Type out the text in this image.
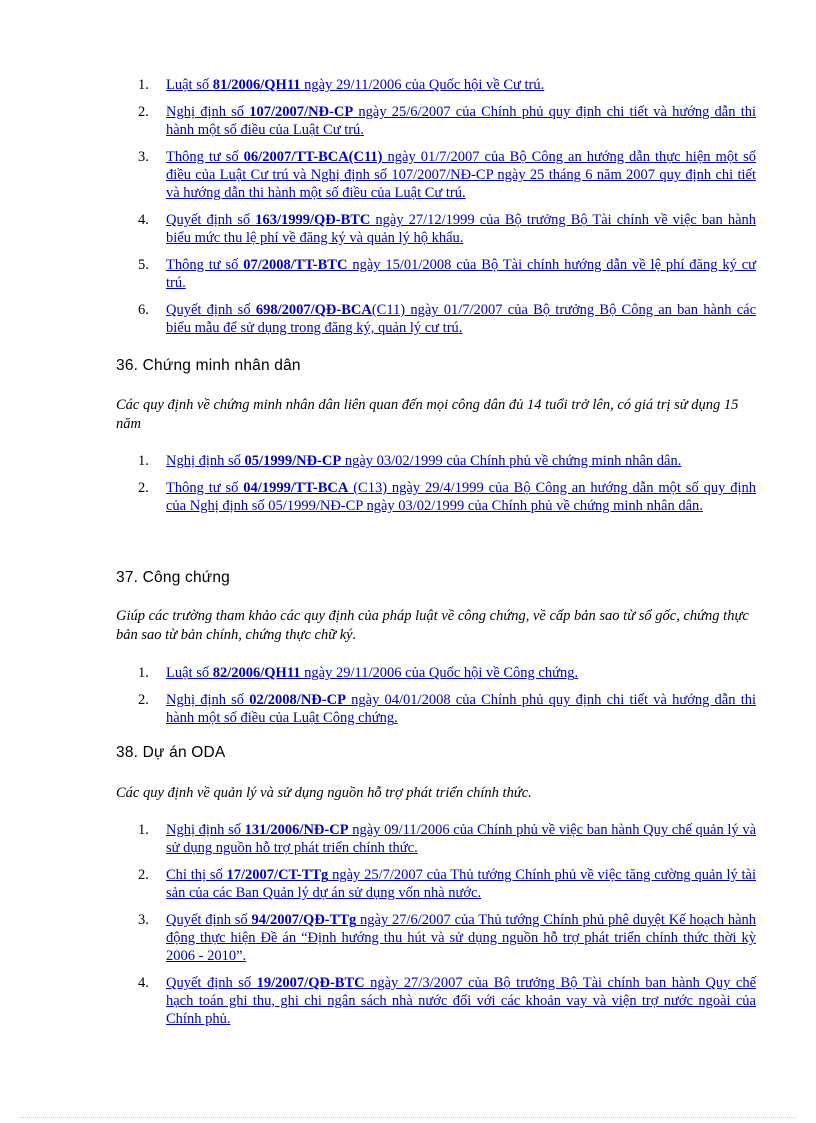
1.	Luật số 81/2006/QH11 ngày 29/11/2006 của Quốc hội về Cư trú.
2.	Nghị định số 107/2007/NĐ-CP ngày 25/6/2007 của Chính phủ quy định chi tiết và hướng dẫn thi hành một số điều của Luật Cư trú.
3.	Thông tư số 06/2007/TT-BCA(C11) ngày 01/7/2007 của Bộ Công an hướng dẫn thực hiện một số điều của Luật Cư trú và Nghị định số 107/2007/NĐ-CP ngày 25 tháng 6 năm 2007 quy định chi tiết và hướng dẫn thi hành một số điều của Luật Cư trú.
4.	Quyết định số 163/1999/QĐ-BTC ngày 27/12/1999 của Bộ trưởng Bộ Tài chính về việc ban hành biểu mức thu lệ phí về đăng ký và quản lý hộ khẩu.
5.	Thông tư số 07/2008/TT-BTC ngày 15/01/2008 của Bộ Tài chính hướng dẫn về lệ phí đăng ký cư trú.
6.	Quyết định số 698/2007/QĐ-BCA(C11) ngày 01/7/2007 của Bộ trưởng Bộ Công an ban hành các biểu mẫu để sử dụng trong đăng ký, quản lý cư trú.
36. Chứng minh nhân dân

Các quy định về chứng minh nhân dân liên quan đến mọi công dân đủ 14 tuổi trở lên, có giá trị sử dụng 15 năm

1.	Nghị định số 05/1999/NĐ-CP ngày 03/02/1999 của Chính phủ về chứng minh nhân dân.
2.	Thông tư số 04/1999/TT-BCA (C13) ngày 29/4/1999 của Bộ Công an hướng dẫn một số quy định của Nghị định số 05/1999/NĐ-CP ngày 03/02/1999 của Chính phủ về chứng minh nhân dân.
37. Công chứng

Giúp các trường tham khảo các quy định của pháp luật về công chứng, về cấp bản sao từ sổ gốc, chứng thực bản sao từ bản chính, chứng thực chữ ký.

1.	Luật số 82/2006/QH11 ngày 29/11/2006 của Quốc hội về Công chứng.
2.	Nghị định số 02/2008/NĐ-CP ngày 04/01/2008 của Chính phủ quy định chi tiết và hướng dẫn thi hành một số điều của Luật Công chứng.
38. Dự án ODA

Các quy định về quản lý và sử dụng nguồn hỗ trợ phát triển chính thức.

1.	Nghị định số 131/2006/NĐ-CP ngày 09/11/2006 của Chính phủ về việc ban hành Quy chế quản lý và sử dụng nguồn hỗ trợ phát triển chính thức.
2.	Chỉ thị số 17/2007/CT-TTg ngày 25/7/2007 của Thủ tướng Chính phủ về việc tăng cường quản lý tài sản của các Ban Quản lý dự án sử dụng vốn nhà nước.
3.	Quyết định số 94/2007/QĐ-TTg ngày 27/6/2007 của Thủ tướng Chính phủ phê duyệt Kế hoạch hành động thực hiện Đề án “Định hướng thu hút và sử dụng nguồn hỗ trợ phát triển chính thức thời kỳ 2006 - 2010”.
4.	Quyết định số 19/2007/QĐ-BTC ngày 27/3/2007 của Bộ trưởng Bộ Tài chính ban hành Quy chế hạch toán ghi thu, ghi chi ngân sách nhà nước đối với các khoản vay và viện trợ nước ngoài của Chính phủ.
